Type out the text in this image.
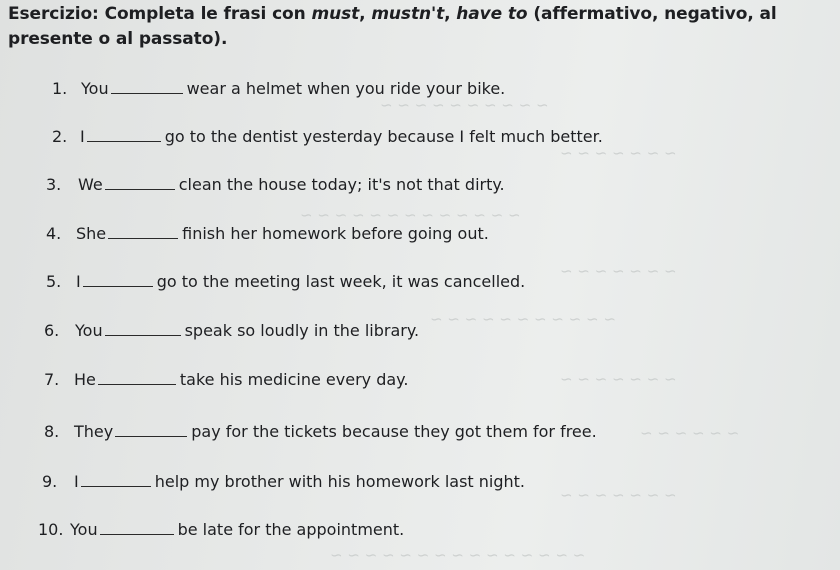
Esercizio: Completa le frasi con must, mustn't, have to (affermativo, negativo, al presente o al passato).
~ ~ ~ ~ ~ ~ ~ ~ ~ ~
~ ~ ~ ~ ~ ~ ~
~ ~ ~ ~ ~ ~ ~ ~ ~ ~ ~ ~ ~
~ ~ ~ ~ ~ ~ ~
~ ~ ~ ~ ~ ~ ~ ~ ~ ~ ~
~ ~ ~ ~ ~ ~ ~
~ ~ ~ ~ ~ ~
~ ~ ~ ~ ~ ~ ~
~ ~ ~ ~ ~ ~ ~ ~ ~ ~ ~ ~ ~ ~ ~
1. You	wear a helmet when you ride your bike.
2. I	go to the dentist yesterday because I felt much better.
3. We	clean the house today; it's not that dirty.
4. She	finish her homework before going out.
5. I	go to the meeting last week, it was cancelled.
6. You	speak so loudly in the library.
7. He	take his medicine every day.
8. They	pay for the tickets because they got them for free.
9. I	help my brother with his homework last night.
10. You	be late for the appointment.
